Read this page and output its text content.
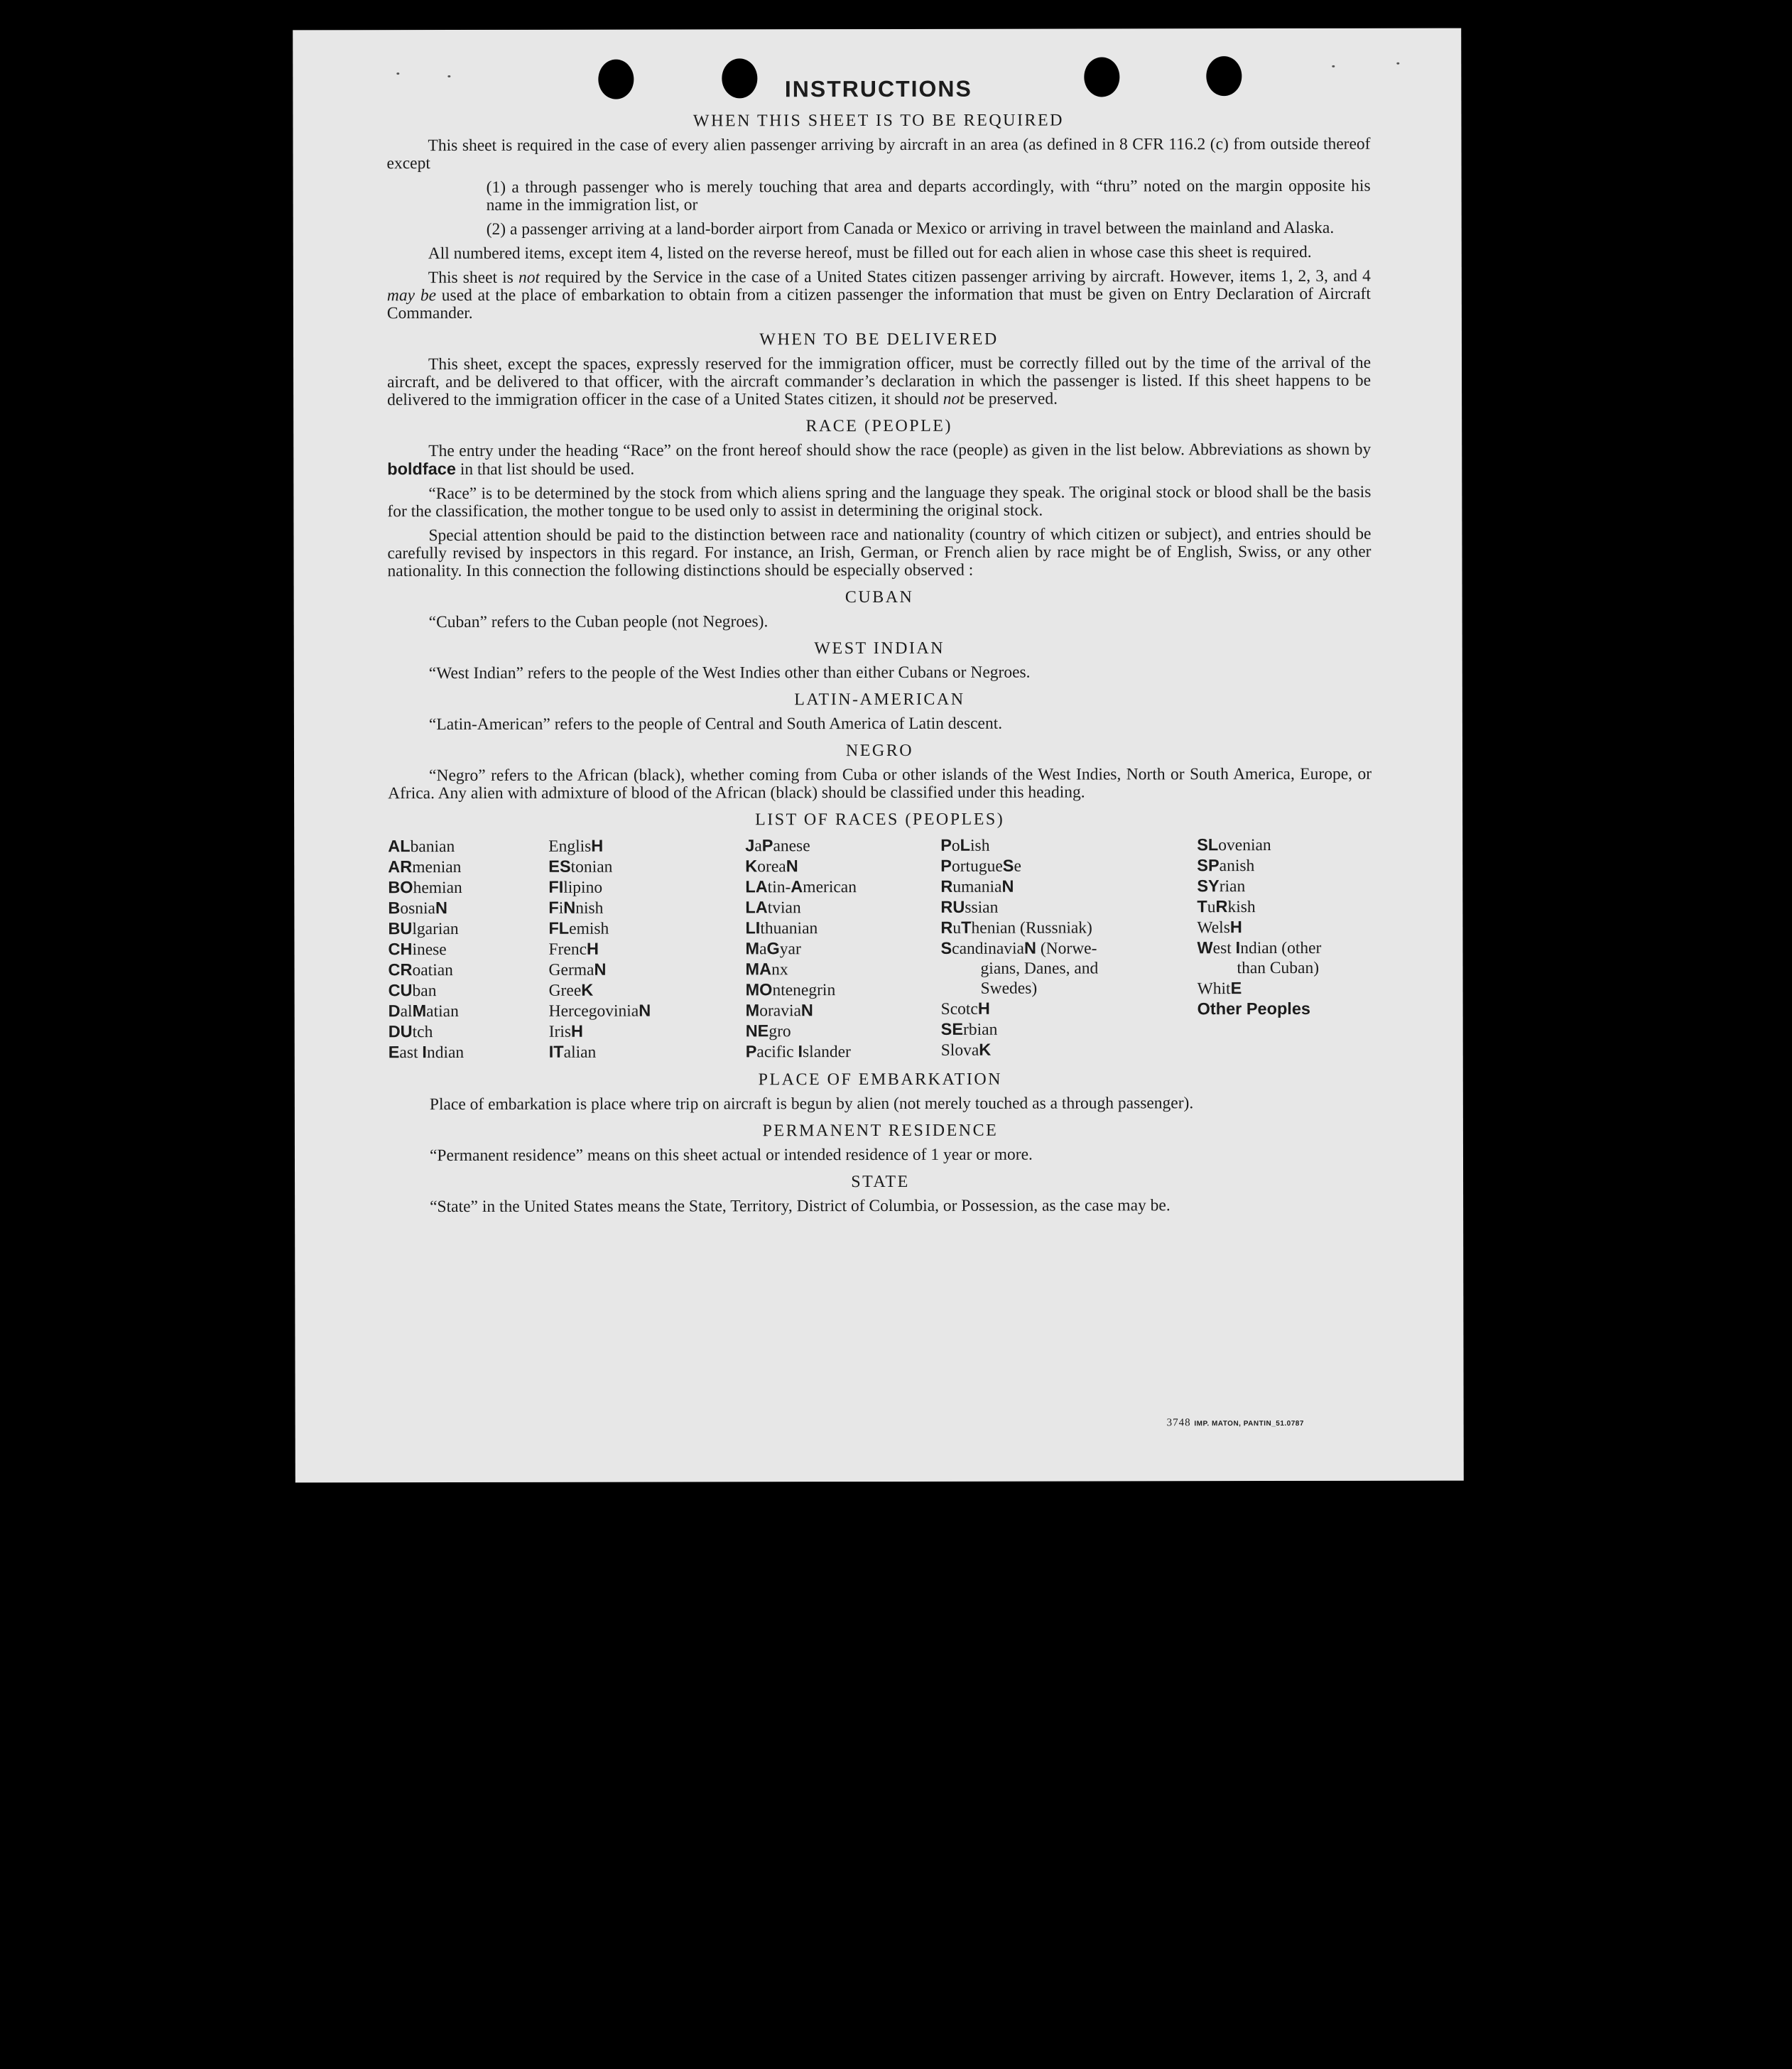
INSTRUCTIONS
WHEN THIS SHEET IS TO BE REQUIRED

This sheet is required in the case of every alien passenger arriving by aircraft in an area (as defined in 8 CFR 116.2 (c) from outside thereof except

(1) a through passenger who is merely touching that area and departs accordingly, with “thru” noted on the margin opposite his name in the immigration list, or

(2) a passenger arriving at a land-border airport from Canada or Mexico or arriving in travel between the mainland and Alaska.

All numbered items, except item 4, listed on the reverse hereof, must be filled out for each alien in whose case this sheet is required.

This sheet is not required by the Service in the case of a United States citizen passenger arriving by aircraft. However, items 1, 2, 3, and 4 may be used at the place of embarkation to obtain from a citizen passenger the information that must be given on Entry Declaration of Aircraft Commander.

WHEN TO BE DELIVERED

This sheet, except the spaces, expressly reserved for the immigration officer, must be correctly filled out by the time of the arrival of the aircraft, and be delivered to that officer, with the aircraft commander’s declaration in which the passenger is listed. If this sheet happens to be delivered to the immigration officer in the case of a United States citizen, it should not be preserved.

RACE (PEOPLE)

The entry under the heading “Race” on the front hereof should show the race (people) as given in the list below. Abbreviations as shown by boldface in that list should be used.

“Race” is to be determined by the stock from which aliens spring and the language they speak. The original stock or blood shall be the basis for the classification, the mother tongue to be used only to assist in determining the original stock.

Special attention should be paid to the distinction between race and nationality (country of which citizen or subject), and entries should be carefully revised by inspectors in this regard. For instance, an Irish, German, or French alien by race might be of English, Swiss, or any other nationality. In this connection the following distinctions should be especially observed :

CUBAN

“Cuban” refers to the Cuban people (not Negroes).

WEST INDIAN

“West Indian” refers to the people of the West Indies other than either Cubans or Negroes.

LATIN-AMERICAN

“Latin-American” refers to the people of Central and South America of Latin descent.

NEGRO

“Negro” refers to the African (black), whether coming from Cuba or other islands of the West Indies, North or South America, Europe, or Africa. Any alien with admixture of blood of the African (black) should be classified under this heading.

LIST OF RACES (PEOPLES)
ALbanian
ARmenian
BOhemian
BosniaN
BUlgarian
CHinese
CRoatian
CUban
DalMatian
DUtch
East Indian
EnglisH
EStonian
FIlipino
FiNnish
FLemish
FrencH
GermaN
GreeK
HercegoviniaN
IrisH
ITalian
JaPanese
KoreaN
LAtin-American
LAtvian
LIthuanian
MaGyar
MAnx
MOntenegrin
MoraviaN
NEgro
Pacific Islander
PoLish
PortugueSe
RumaniaN
RUssian
RuThenian (Russniak)
ScandinaviaN (Norwe-
gians, Danes, and
Swedes)
ScotcH
SErbian
SlovaK
SLovenian
SPanish
SYrian
TuRkish
WelsH
West Indian (other
than Cuban)
WhitE
Other Peoples
PLACE OF EMBARKATION

Place of embarkation is place where trip on aircraft is begun by alien (not merely touched as a through passenger).

PERMANENT RESIDENCE

“Permanent residence” means on this sheet actual or intended residence of 1 year or more.

STATE

“State” in the United States means the State, Territory, District of Columbia, or Possession, as the case may be.

3748 IMP. MATON, PANTIN_51.0787
